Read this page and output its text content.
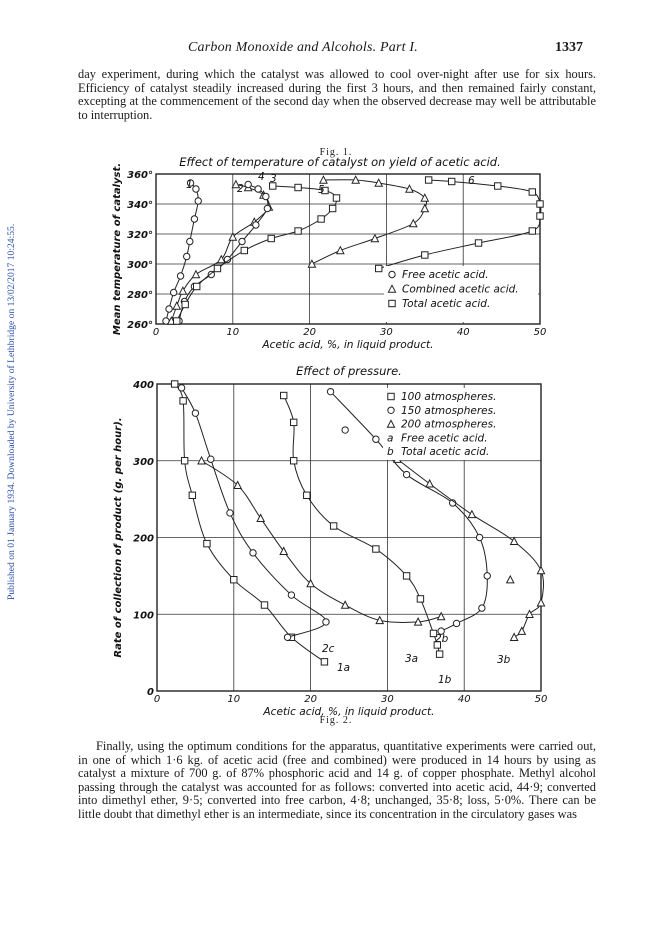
Published on 01 January 1934. Downloaded by University of Lethbridge on 13/02/2017 10:24:55.
Carbon Monoxide and Alcohols. Part I.	1337

day experiment, during which the catalyst was allowed to cool over-night after use for six hours. Efficiency of catalyst steadily increased during the first 3 hours, and then remained fairly constant, excepting at the commencement of the second day when the observed decrease may well be attributable to interruption.

Fig. 1.
Effect of temperature of catalyst on yield of acetic acid.
0	10	20	30	40	50
260°
280°
300°
320°
340°
360°
Acetic acid, %, in liquid product.
Mean temperature of catalyst.	1	2
3
4
5
6
Free acetic acid.
Combined acetic acid.
Total acetic acid.
Effect of pressure.
0	10	20	30	40	50
0
100
200
300
400
Acetic acid, %, in liquid product.
Rate of collection of product (g. per hour).
1a
1b
2c
2b
3a	3b
100 atmospheres.
150 atmospheres.
200 atmospheres.
a Free acetic acid.
b Total acetic acid.
Fig. 2.

Finally, using the optimum conditions for the apparatus, quantitative experiments were carried out, in one of which 1·6 kg. of acetic acid (free and combined) were produced in 14 hours by using as catalyst a mixture of 700 g. of 87% phosphoric acid and 14 g. of copper phosphate. Methyl alcohol passing through the catalyst was accounted for as follows: converted into acetic acid, 44·9; converted into dimethyl ether, 9·5; converted into free carbon, 4·8; unchanged, 35·8; loss, 5·0%. There can be little doubt that dimethyl ether is an intermediate, since its concentration in the circulatory gases was
